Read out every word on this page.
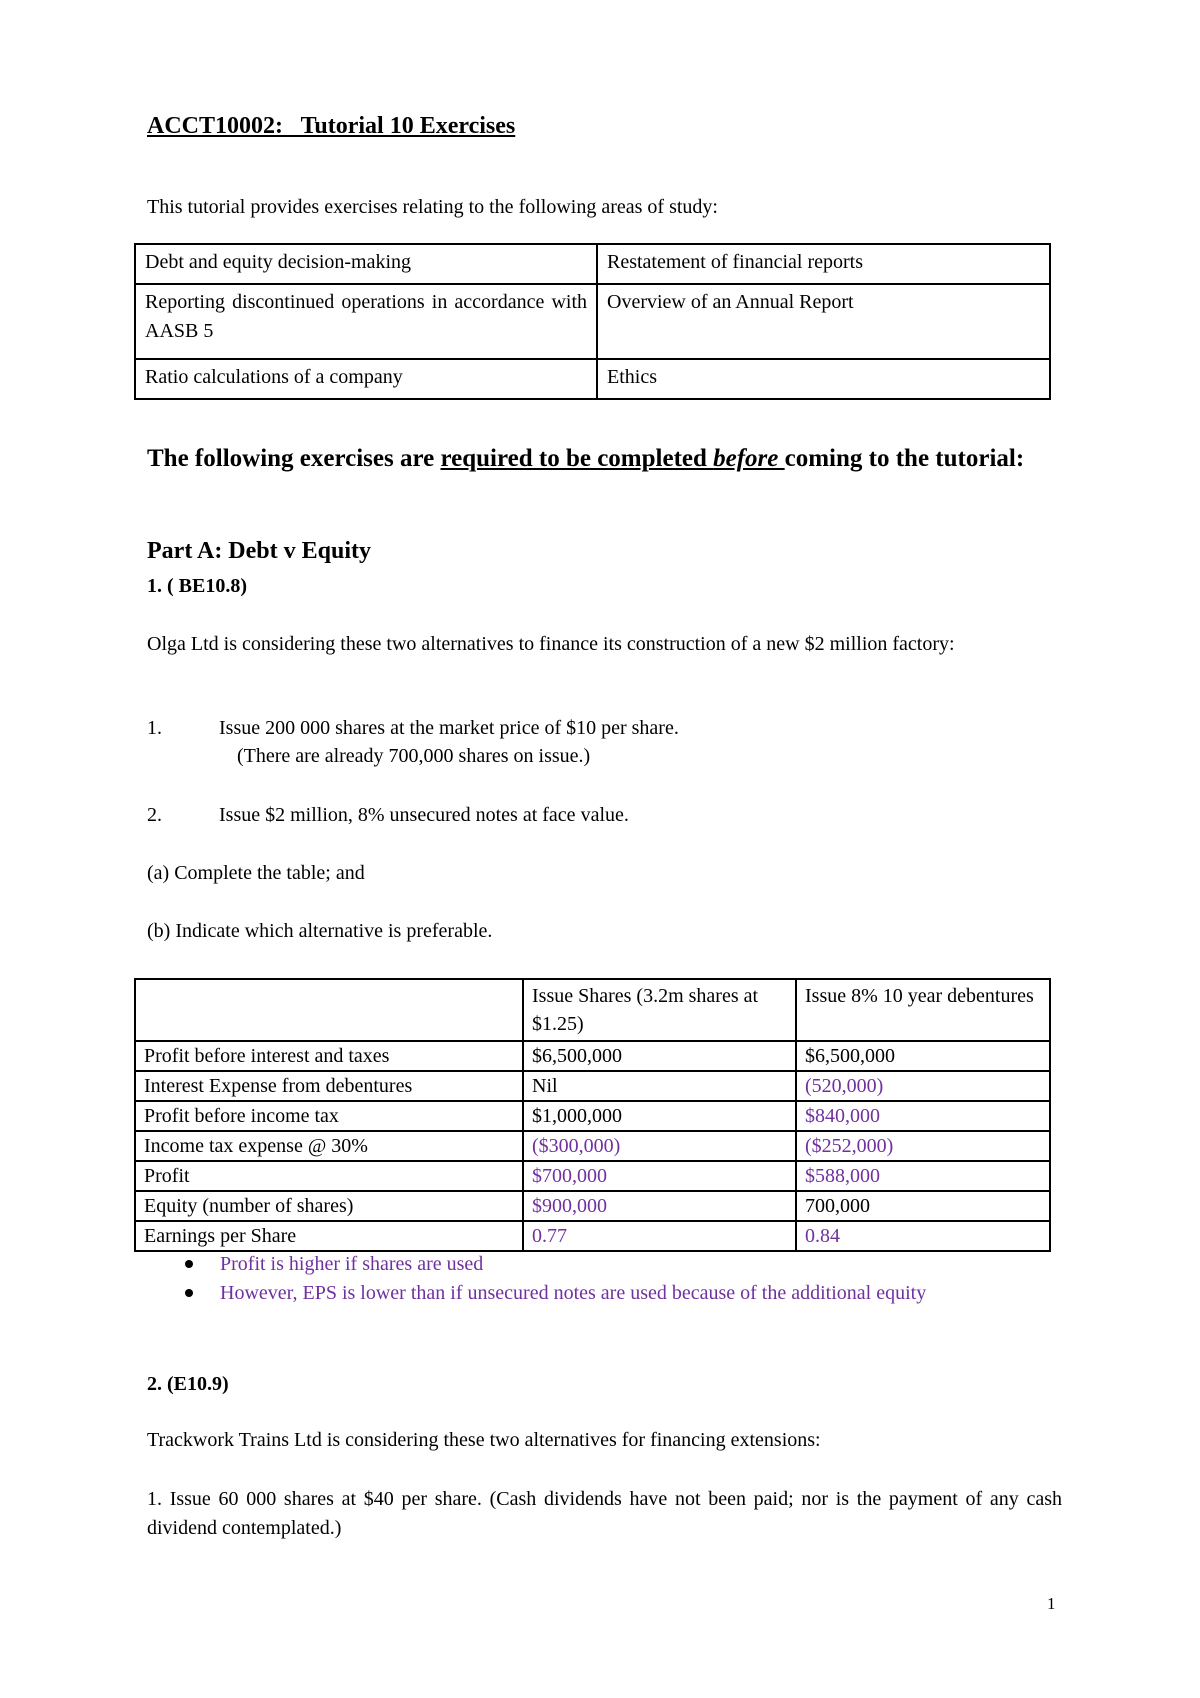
ACCT10002:   Tutorial 10 Exercises
This tutorial provides exercises relating to the following areas of study:
Debt and equity decision-making	Restatement of financial reports
Reporting discontinued operations in accordance with AASB 5	Overview of an Annual Report
Ratio calculations of a company	Ethics
The following exercises are required to be completed before coming to the tutorial:
Part A: Debt v Equity
1. ( BE10.8)
Olga Ltd is considering these two alternatives to finance its construction of a new $2 million factory:
1.	Issue 200 000 shares at the market price of $10 per share.
(There are already 700,000 shares on issue.)
2.	Issue $2 million, 8% unsecured notes at face value.
(a) Complete the table; and
(b) Indicate which alternative is preferable.
	Issue Shares (3.2m shares at $1.25)	Issue 8% 10 year debentures
Profit before interest and taxes	$6,500,000	$6,500,000
Interest Expense from debentures	Nil	(520,000)
Profit before income tax	$1,000,000	$840,000
Income tax expense @ 30%	($300,000)	($252,000)
Profit	$700,000	$588,000
Equity (number of shares)	$900,000	700,000
Earnings per Share	0.77	0.84
Profit is higher if shares are used
However, EPS is lower than if unsecured notes are used because of the additional equity
2. (E10.9)
Trackwork Trains Ltd is considering these two alternatives for financing extensions:
1. Issue 60 000 shares at $40 per share. (Cash dividends have not been paid; nor is the payment of any cash dividend contemplated.)
1
